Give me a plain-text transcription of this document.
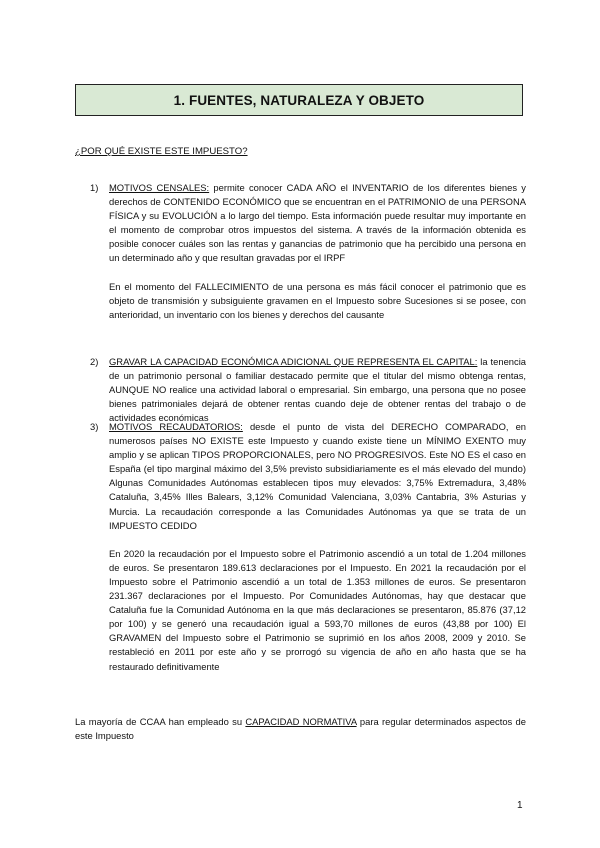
1. FUENTES, NATURALEZA Y OBJETO
¿POR QUÉ EXISTE ESTE IMPUESTO?
1) MOTIVOS CENSALES: permite conocer CADA AÑO el INVENTARIO de los diferentes bienes y derechos de CONTENIDO ECONÓMICO que se encuentran en el PATRIMONIO de una PERSONA FÍSICA y su EVOLUCIÓN a lo largo del tiempo. Esta información puede resultar muy importante en el momento de comprobar otros impuestos del sistema. A través de la información obtenida es posible conocer cuáles son las rentas y ganancias de patrimonio que ha percibido una persona en un determinado año y que resultan gravadas por el IRPF

En el momento del FALLECIMIENTO de una persona es más fácil conocer el patrimonio que es objeto de transmisión y subsiguiente gravamen en el Impuesto sobre Sucesiones si se posee, con anterioridad, un inventario con los bienes y derechos del causante

2) GRAVAR LA CAPACIDAD ECONÓMICA ADICIONAL QUE REPRESENTA EL CAPITAL: la tenencia de un patrimonio personal o familiar destacado permite que el titular del mismo obtenga rentas, AUNQUE NO realice una actividad laboral o empresarial. Sin embargo, una persona que no posee bienes patrimoniales dejará de obtener rentas cuando deje de obtener rentas del trabajo o de actividades económicas

3) MOTIVOS RECAUDATORIOS: desde el punto de vista del DERECHO COMPARADO, en numerosos países NO EXISTE este Impuesto y cuando existe tiene un MÍNIMO EXENTO muy amplio y se aplican TIPOS PROPORCIONALES, pero NO PROGRESIVOS. Este NO ES el caso en España (el tipo marginal máximo del 3,5% previsto subsidiariamente es el más elevado del mundo) Algunas Comunidades Autónomas establecen tipos muy elevados: 3,75% Extremadura, 3,48% Cataluña, 3,45% Illes Balears, 3,12% Comunidad Valenciana, 3,03% Cantabria, 3% Asturias y Murcia. La recaudación corresponde a las Comunidades Autónomas ya que se trata de un IMPUESTO CEDIDO

En 2020 la recaudación por el Impuesto sobre el Patrimonio ascendió a un total de 1.204 millones de euros. Se presentaron 189.613 declaraciones por el Impuesto. En 2021 la recaudación por el Impuesto sobre el Patrimonio ascendió a un total de 1.353 millones de euros. Se presentaron 231.367 declaraciones por el Impuesto. Por Comunidades Autónomas, hay que destacar que Cataluña fue la Comunidad Autónoma en la que más declaraciones se presentaron, 85.876 (37,12 por 100) y se generó una recaudación igual a 593,70 millones de euros (43,88 por 100) El GRAVAMEN del Impuesto sobre el Patrimonio se suprimió en los años 2008, 2009 y 2010. Se restableció en 2011 por este año y se prorrogó su vigencia de año en año hasta que se ha restaurado definitivamente

La mayoría de CCAA han empleado su CAPACIDAD NORMATIVA para regular determinados aspectos de este Impuesto
1
